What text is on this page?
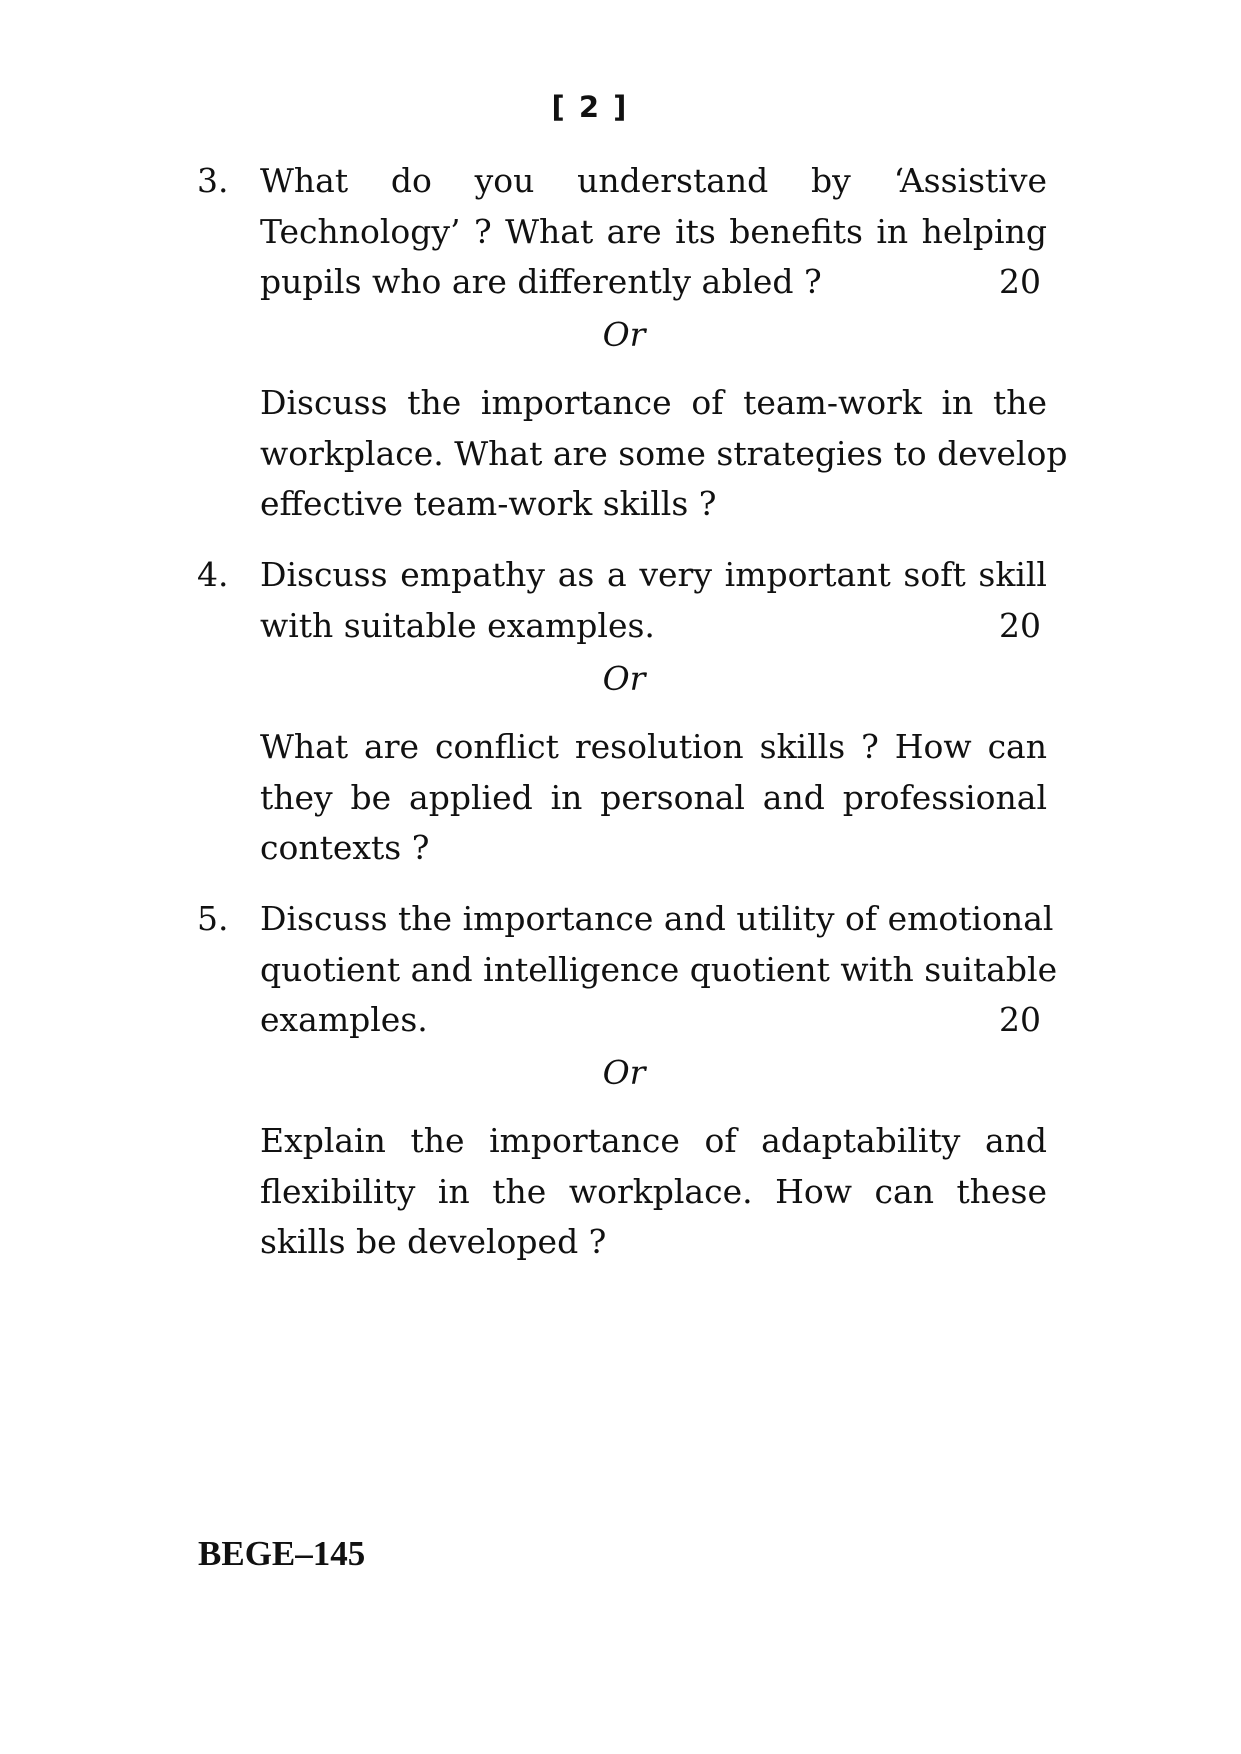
[ 2 ]
3. What do you understand by ‘Assistive
Technology’ ? What are its benefits in helping
pupils who are differently abled ?	20
Or
Discuss the importance of team-work in the
workplace. What are some strategies to develop
effective team-work skills ?
4. Discuss empathy as a very important soft skill
with suitable examples.	20
Or
What are conflict resolution skills ? How can
they be applied in personal and professional
contexts ?
5. Discuss the importance and utility of emotional
quotient and intelligence quotient with suitable
examples.	20
Or
Explain the importance of adaptability and
flexibility in the workplace. How can these
skills be developed ?
BEGE–145
